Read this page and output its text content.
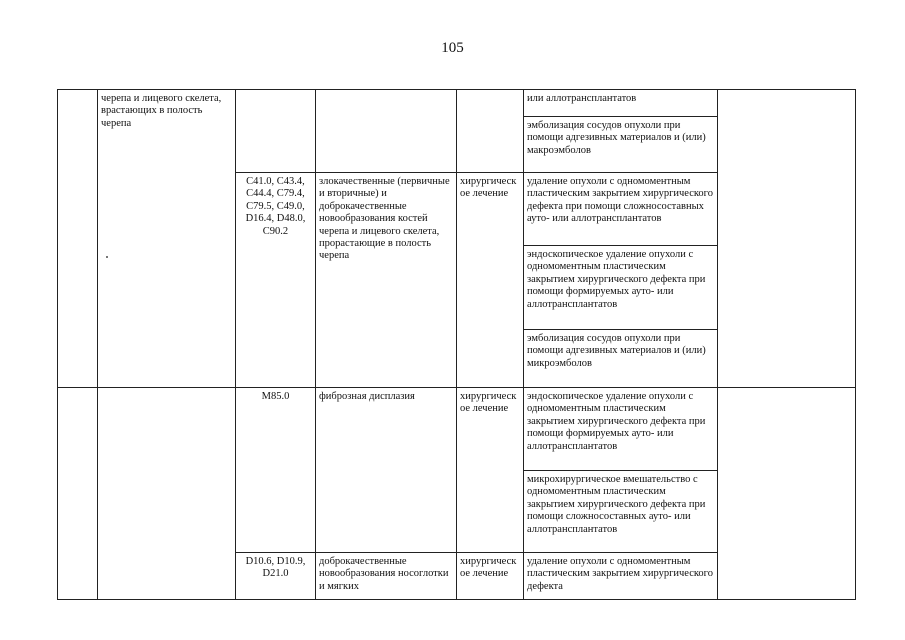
105
	черепа и лицевого скелета, врастающих в полость черепа				или аллотрансплантатов	
					эмболизация сосудов опухоли при помощи адгезивных материалов и (или) макроэмболов	
		C41.0, C43.4, C44.4, C79.4, C79.5, C49.0, D16.4, D48.0, C90.2	злокачественные (первичные и вторичные) и доброкачественные новообразования костей черепа и лицевого скелета, прорастающие в полость черепа	хирургическое лечение	удаление опухоли с одномоментным пластическим закрытием хирургического дефекта при помощи сложносоставных ауто- или аллотрансплантатов	
					эндоскопическое удаление опухоли с одномоментным пластическим закрытием хирургического дефекта при помощи формируемых ауто- или аллотрансплантатов	
					эмболизация сосудов опухоли при помощи адгезивных материалов и (или) микроэмболов	
		M85.0	фиброзная дисплазия	хирургическое лечение	эндоскопическое удаление опухоли с одномоментным пластическим закрытием хирургического дефекта при помощи формируемых ауто- или аллотрансплантатов	
					микрохирургическое вмешательство с одномоментным пластическим закрытием хирургического дефекта при помощи сложносоставных ауто- или аллотрансплантатов	
		D10.6, D10.9, D21.0	доброкачественные новообразования носоглотки и мягких	хирургическое лечение	удаление опухоли с одномоментным пластическим закрытием хирургического дефекта	
